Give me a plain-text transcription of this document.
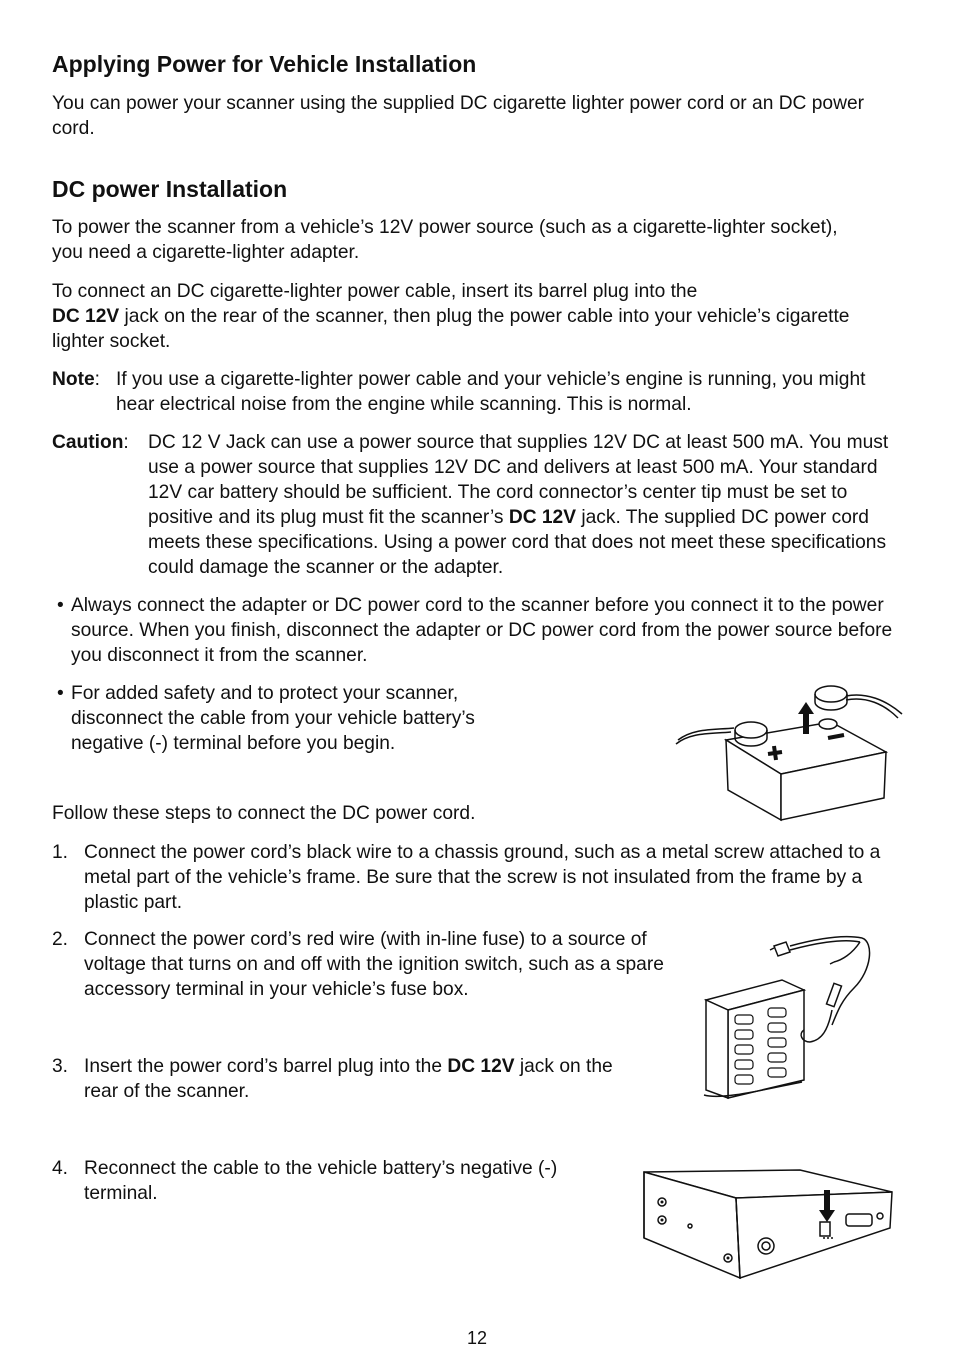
Applying Power for Vehicle Installation

You can power your scanner using the supplied DC cigarette lighter power cord or an DC power cord.

DC power Installation

To power the scanner from a vehicle’s 12V power source (such as a cigarette-lighter socket), you need a cigarette-lighter adapter.

To connect an DC cigarette-lighter power cable, insert its barrel plug into the
DC 12V jack on the rear of the scanner, then plug the power cable into your vehicle’s cigarette lighter socket.
Note: If you use a cigarette-lighter power cable and your vehicle’s engine is running, you might hear electrical noise from the engine while scanning. This is normal.

Caution: DC 12 V Jack can use a power source that supplies 12V DC at least 500 mA. You must use a power source that supplies 12V DC and delivers at least 500 mA. Your standard 12V car battery should be sufficient. The cord connector’s center tip must be set to positive and its plug must fit the scanner’s DC 12V jack. The supplied DC power cord meets these specifications. Using a power cord that does not meet these specifications could damage the scanner or the adapter.

• Always connect the adapter or DC power cord to the scanner before you connect it to the power source. When you finish, disconnect the adapter or DC power cord from the power source before you disconnect it from the scanner.

• For added safety and to protect your scanner, disconnect the cable from your vehicle battery’s negative (-) terminal before you begin.

Follow these steps to connect the DC power cord.

1. Connect the power cord’s black wire to a chassis ground, such as a metal screw attached to a metal part of the vehicle’s frame. Be sure that the screw is not insulated from the frame by a plastic part.

2. Connect the power cord’s red wire (with in-line fuse) to a source of voltage that turns on and off with the ignition switch, such as a spare accessory terminal in your vehicle’s fuse box.

3. Insert the power cord’s barrel plug into the DC 12V jack on the rear of the scanner.

4. Reconnect the cable to the vehicle battery’s negative (-) terminal.

12
